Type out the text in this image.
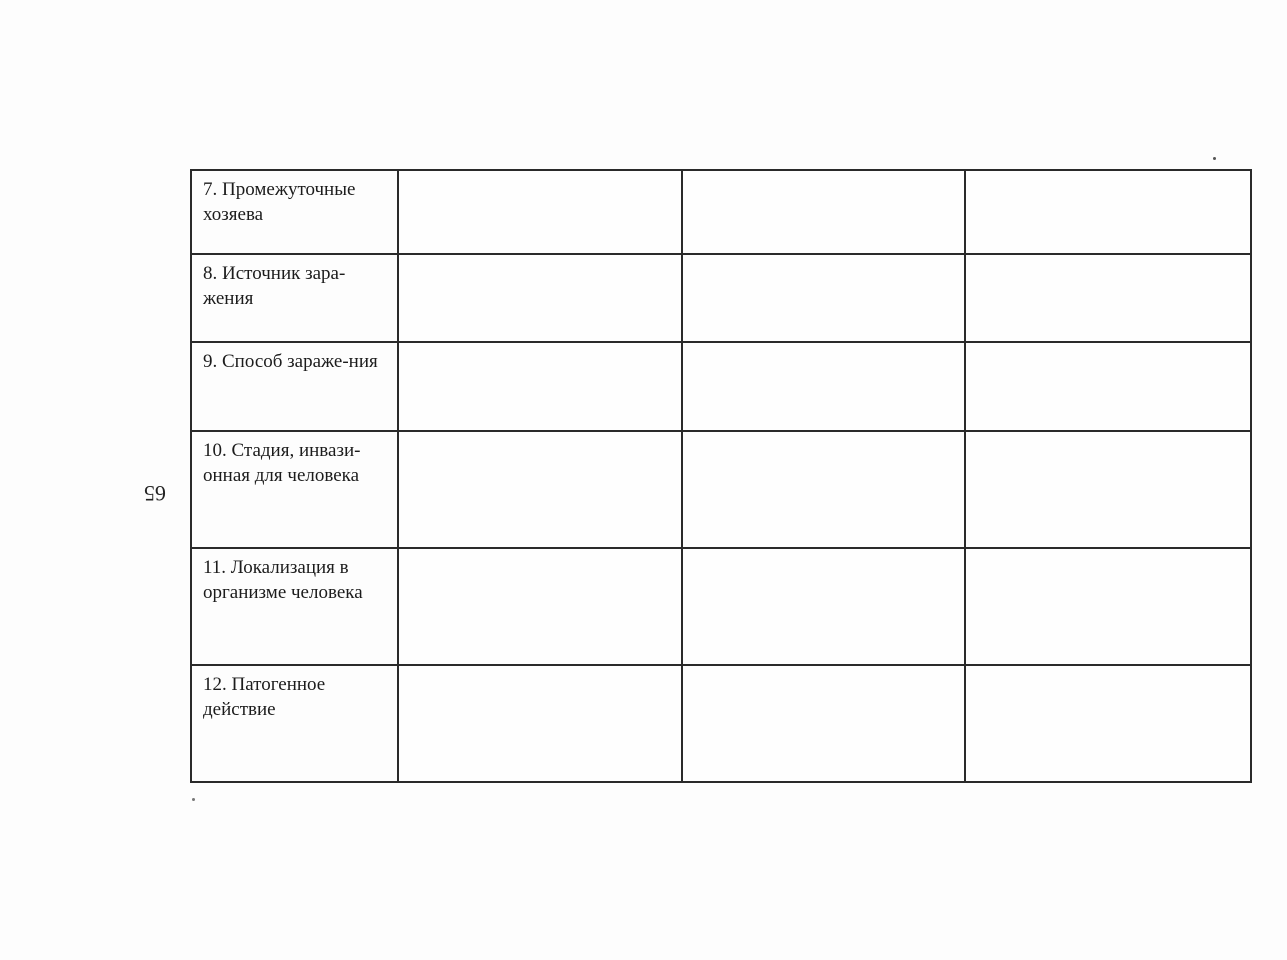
65
7. Промежуточные хозяева			

8. Источник зара-жения			

9. Способ зараже-ния			

10. Стадия, инвази-онная для человека			

11. Локализация в организме человека			

12. Патогенное действие			
